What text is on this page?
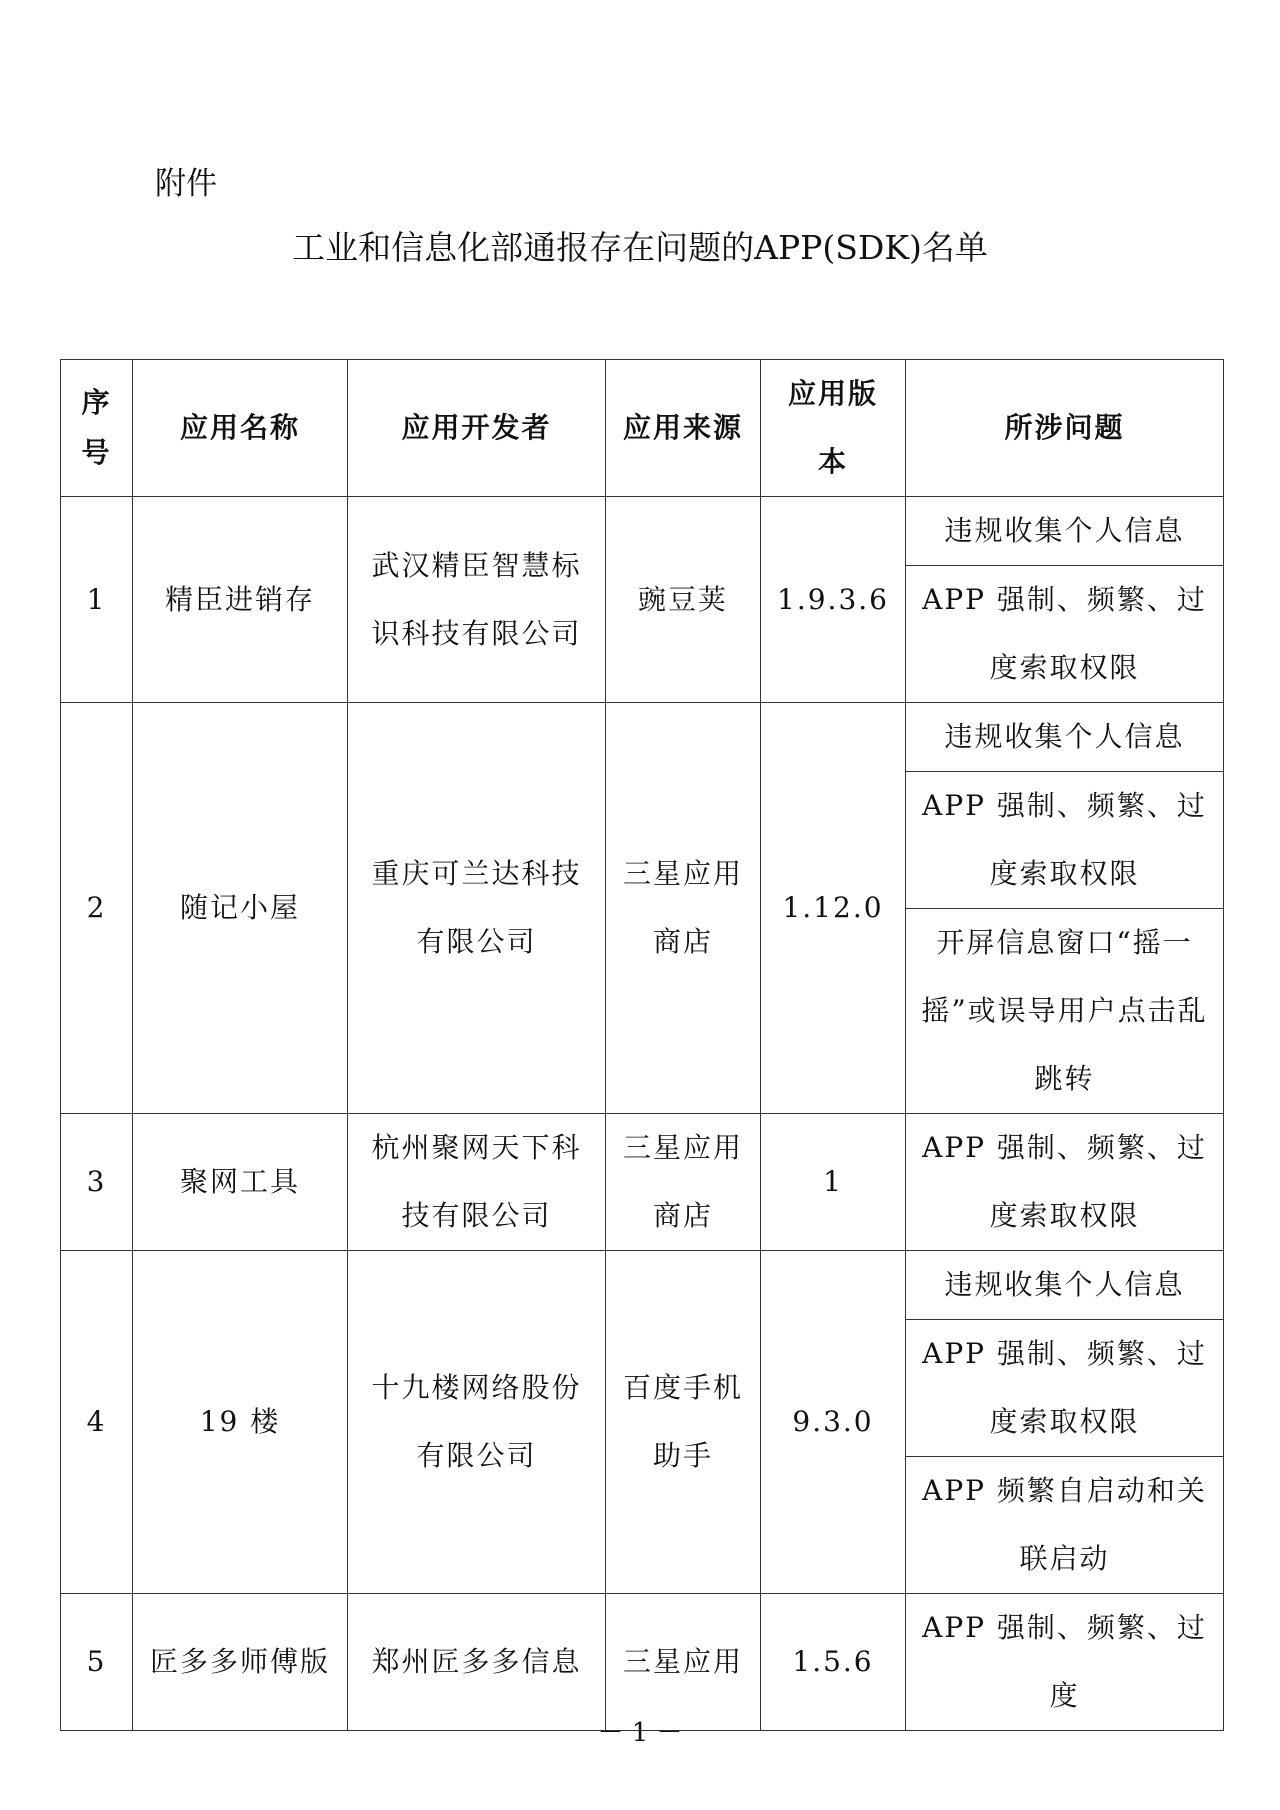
附件
工业和信息化部通报存在问题的APP(SDK)名单
序号	应用名称	应用开发者	应用来源	应用版本	所涉问题
1	精臣进销存	武汉精臣智慧标识科技有限公司	豌豆荚	1.9.3.6	违规收集个人信息
					APP 强制、频繁、过度索取权限
2	随记小屋	重庆可兰达科技有限公司	三星应用商店	1.12.0	违规收集个人信息
					APP 强制、频繁、过度索取权限
					开屏信息窗口“摇一摇”或误导用户点击乱跳转
3	聚网工具	杭州聚网天下科技有限公司	三星应用商店	1	APP 强制、频繁、过度索取权限
4	19 楼	十九楼网络股份有限公司	百度手机助手	9.3.0	违规收集个人信息
					APP 强制、频繁、过度索取权限
					APP 频繁自启动和关联启动
5	匠多多师傅版	郑州匠多多信息	三星应用	1.5.6	APP 强制、频繁、过度
－ 1 －
